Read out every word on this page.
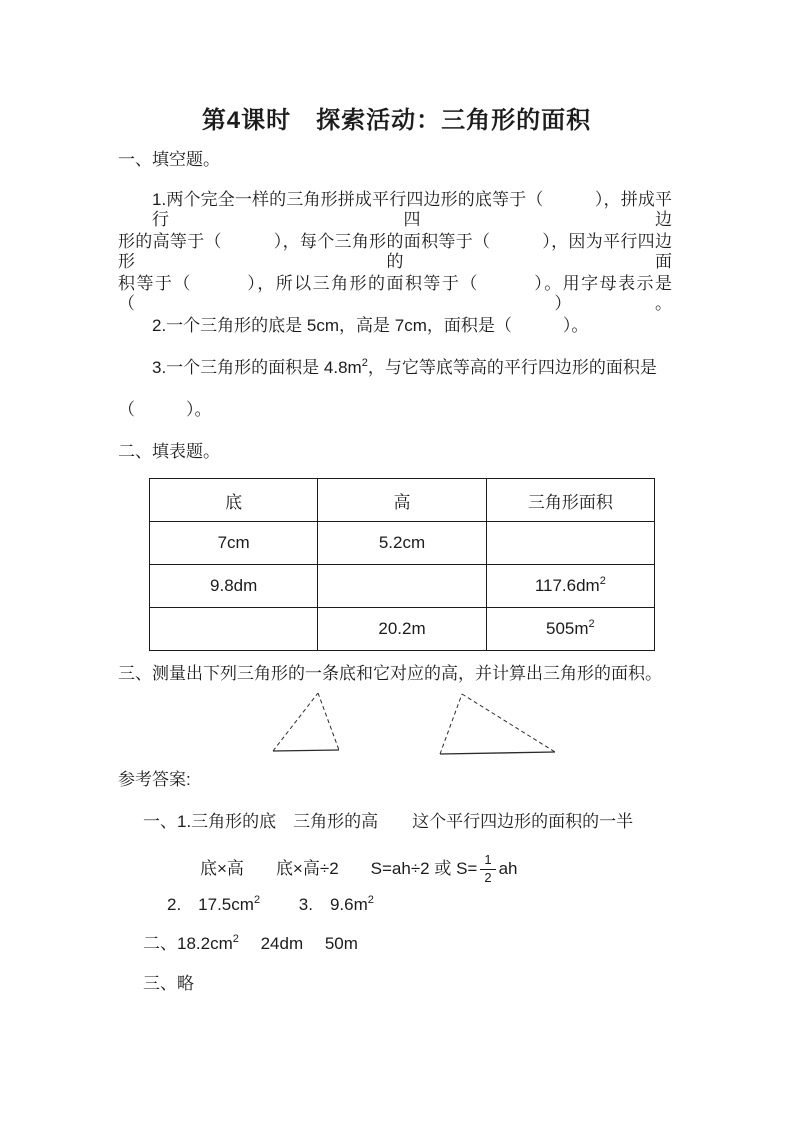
第4课时　探索活动：三角形的面积
一、填空题。
1.两个完全一样的三角形拼成平行四边形的底等于（　　　），拼成平行四边
形的高等于（　　　），每个三角形的面积等于（　　　），因为平行四边形的面
积等于（　　　），所以三角形的面积等于（　　　）。用字母表示是（　　　）。
2.一个三角形的底是 5cm，高是 7cm，面积是（　　　）。
3.一个三角形的面积是 $4.8m^2$，与它等底等高的平行四边形的面积是
（　　　）。
二、填表题。
底	高	三角形面积
7cm	5.2cm	
9.8dm		$117.6dm^2$
	20.2m	$505m^2$
三、测量出下列三角形的一条底和它对应的高，并计算出三角形的面积。
参考答案:
一、1.三角形的底　三角形的高　　这个平行四边形的面积的一半
底×高 底×高÷2 S=ah÷2 或 $S= \frac{1}{2}$ ah
2.　$17.5cm^2$　　 3.　$9.6m^2$
二、$18.2cm^2$　 24dm　 50m
三、略
